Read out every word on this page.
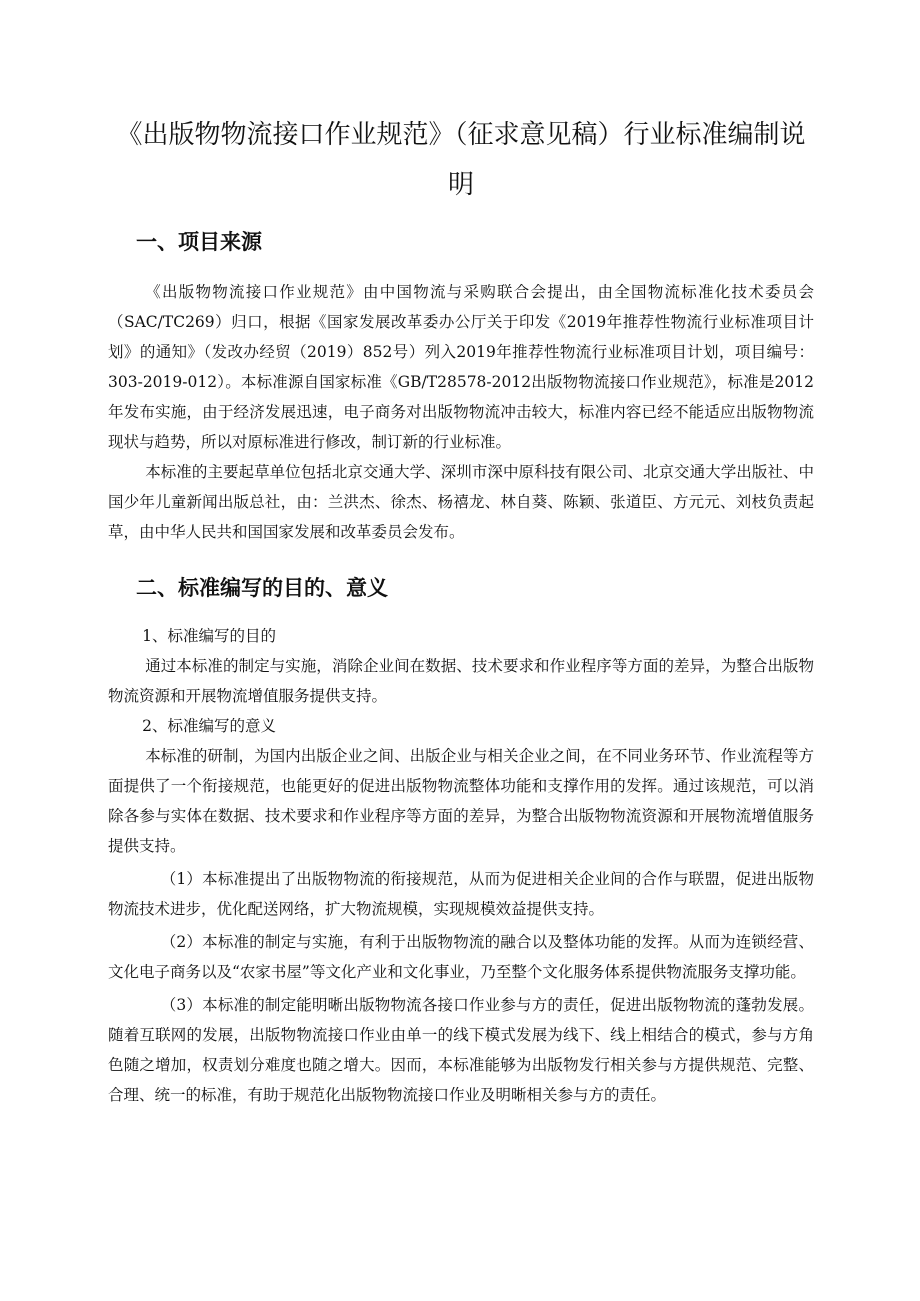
《出版物物流接口作业规范》（征求意见稿）行业标准编制说明
一、项目来源

《出版物物流接口作业规范》由中国物流与采购联合会提出，由全国物流标准化技术委员会（SAC/TC269）归口，根据《国家发展改革委办公厅关于印发《2019年推荐性物流行业标准项目计划》的通知》（发改办经贸（2019）852号）列入2019年推荐性物流行业标准项目计划，项目编号：303-2019-012）。本标准源自国家标准《GB/T28578-2012出版物物流接口作业规范》，标准是2012年发布实施，由于经济发展迅速，电子商务对出版物物流冲击较大，标准内容已经不能适应出版物物流现状与趋势，所以对原标准进行修改，制订新的行业标准。

本标准的主要起草单位包括北京交通大学、深圳市深中原科技有限公司、北京交通大学出版社、中国少年儿童新闻出版总社，由：兰洪杰、徐杰、杨禧龙、林自葵、陈颖、张道臣、方元元、刘枝负责起草，由中华人民共和国国家发展和改革委员会发布。

二、标准编写的目的、意义

1、标准编写的目的

通过本标准的制定与实施，消除企业间在数据、技术要求和作业程序等方面的差异，为整合出版物物流资源和开展物流增值服务提供支持。

2、标准编写的意义

本标准的研制，为国内出版企业之间、出版企业与相关企业之间，在不同业务环节、作业流程等方面提供了一个衔接规范，也能更好的促进出版物物流整体功能和支撑作用的发挥。通过该规范，可以消除各参与实体在数据、技术要求和作业程序等方面的差异，为整合出版物物流资源和开展物流增值服务提供支持。

（1）本标准提出了出版物物流的衔接规范，从而为促进相关企业间的合作与联盟，促进出版物物流技术进步，优化配送网络，扩大物流规模，实现规模效益提供支持。

（2）本标准的制定与实施，有利于出版物物流的融合以及整体功能的发挥。从而为连锁经营、文化电子商务以及“农家书屋”等文化产业和文化事业，乃至整个文化服务体系提供物流服务支撑功能。

（3）本标准的制定能明晰出版物物流各接口作业参与方的责任，促进出版物物流的蓬勃发展。随着互联网的发展，出版物物流接口作业由单一的线下模式发展为线下、线上相结合的模式，参与方角色随之增加，权责划分难度也随之增大。因而，本标准能够为出版物发行相关参与方提供规范、完整、合理、统一的标准，有助于规范化出版物物流接口作业及明晰相关参与方的责任。
